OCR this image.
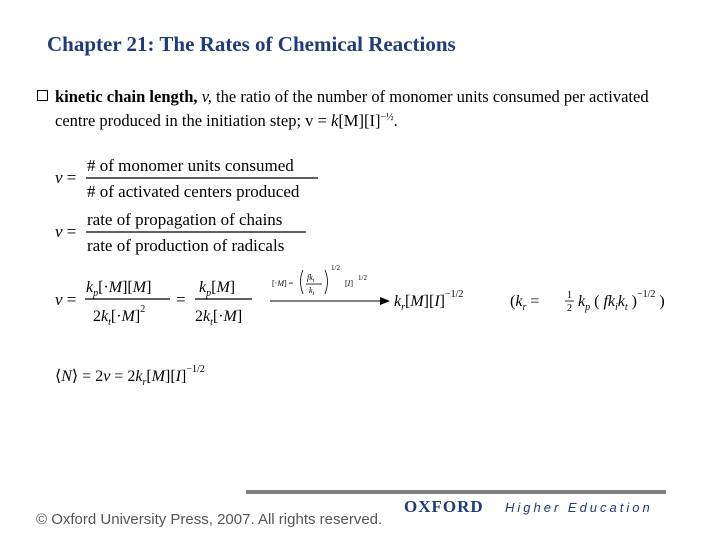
Chapter 21: The Rates of Chemical Reactions
kinetic chain length, v, the ratio of the number of monomer units consumed per activated centre produced in the initiation step; $v = k[M][I]^{-\frac{1}{2}}$.
v =
# of monomer units consumed
# of activated centers produced
v =
rate of propagation of chains
rate of production of radicals
v =
$k_p[\cdot M][M]$
$2k_t[\cdot M]^2$
=
$k_p[M]$
$2k_t[\cdot M]$
[·M] =
$fk_i$
$k_t$
1/2
[I]
1/2
$k_r[M][I]^{-1/2}$	($k_r$ =	1
2 $k_p$ ( $fk_ik_t$ )$^{-1/2}$ )
⟨N⟩ = $2v = 2k_r[M][I]^{-1/2}$
© Oxford University Press, 2007. All rights reserved.
OXFORD Higher Education
